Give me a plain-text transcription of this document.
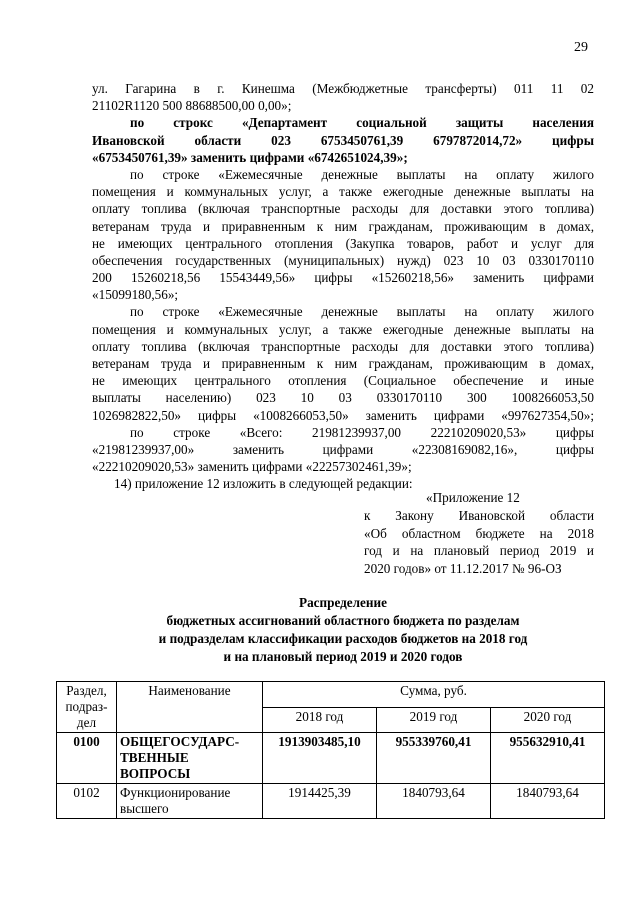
29
ул. Гагарина в г. Кинешма (Межбюджетные трансферты) 011 11 02
21102R1120 500 88688500,00 0,00»;
по строкс «Департамент социальной защиты населения
Ивановской области 023 6753450761,39 6797872014,72» цифры
«6753450761,39» заменить цифрами «6742651024,39»;
по строке «Ежемесячные денежные выплаты на оплату жилого
помещения и коммунальных услуг, а также ежегодные денежные выплаты на
оплату топлива (включая транспортные расходы для доставки этого топлива)
ветеранам труда и приравненным к ним гражданам, проживающим в домах,
не имеющих центрального отопления (Закупка товаров, работ и услуг для
обеспечения государственных (муниципальных) нужд) 023 10 03 0330170110
200 15260218,56 15543449,56» цифры «15260218,56» заменить цифрами
«15099180,56»;
по строке «Ежемесячные денежные выплаты на оплату жилого
помещения и коммунальных услуг, а также ежегодные денежные выплаты на
оплату топлива (включая транспортные расходы для доставки этого топлива)
ветеранам труда и приравненным к ним гражданам, проживающим в домах,
не имеющих центрального отопления (Социальное обеспечение и иные
выплаты населению) 023 10 03 0330170110 300 1008266053,50
1026982822,50» цифры «1008266053,50» заменить цифрами «997627354,50»;
по строке «Всего: 21981239937,00 22210209020,53» цифры
«21981239937,00» заменить цифрами «22308169082,16», цифры
«22210209020,53» заменить цифрами «22257302461,39»;
14) приложение 12 изложить в следующей редакции:
«Приложение 12
к Закону Ивановской области
«Об областном бюджете на 2018
год и на плановый период 2019 и
2020 годов» от 11.12.2017 № 96-ОЗ
Распределение
бюджетных ассигнований областного бюджета по разделам
и подразделам классификации расходов бюджетов на 2018 год
и на плановый период 2019 и 2020 годов
Раздел, подраз-дел	Наименование	Сумма, руб.		
		2018 год	2019 год	2020 год
0100	ОБЩЕГОСУДАРС-ТВЕННЫЕ ВОПРОСЫ	1913903485,10	955339760,41	955632910,41
0102	Функционирование высшего	1914425,39	1840793,64	1840793,64
